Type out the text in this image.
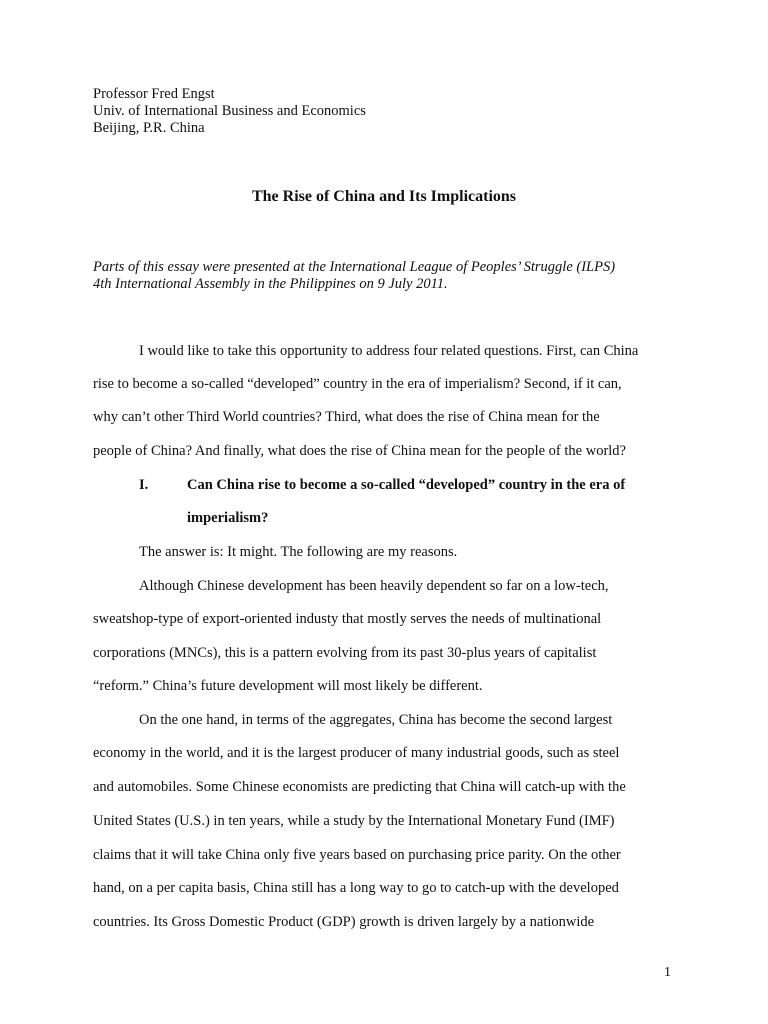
Professor Fred Engst
Univ. of International Business and Economics
Beijing, P.R. China
The Rise of China and Its Implications
Parts of this essay were presented at the International League of Peoples’ Struggle (ILPS)
4th International Assembly in the Philippines on 9 July 2011.
I would like to take this opportunity to address four related questions. First, can China
rise to become a so-called “developed” country in the era of imperialism? Second, if it can,
why can’t other Third World countries? Third, what does the rise of China mean for the
people of China? And finally, what does the rise of China mean for the people of the world?
I.	Can China rise to become a so-called “developed” country in the era of
imperialism?
The answer is: It might. The following are my reasons.
Although Chinese development has been heavily dependent so far on a low-tech,
sweatshop-type of export-oriented industy that mostly serves the needs of multinational
corporations (MNCs), this is a pattern evolving from its past 30-plus years of capitalist
“reform.” China’s future development will most likely be different.
On the one hand, in terms of the aggregates, China has become the second largest
economy in the world, and it is the largest producer of many industrial goods, such as steel
and automobiles. Some Chinese economists are predicting that China will catch-up with the
United States (U.S.) in ten years, while a study by the International Monetary Fund (IMF)
claims that it will take China only five years based on purchasing price parity. On the other
hand, on a per capita basis, China still has a long way to go to catch-up with the developed
countries. Its Gross Domestic Product (GDP) growth is driven largely by a nationwide
1
